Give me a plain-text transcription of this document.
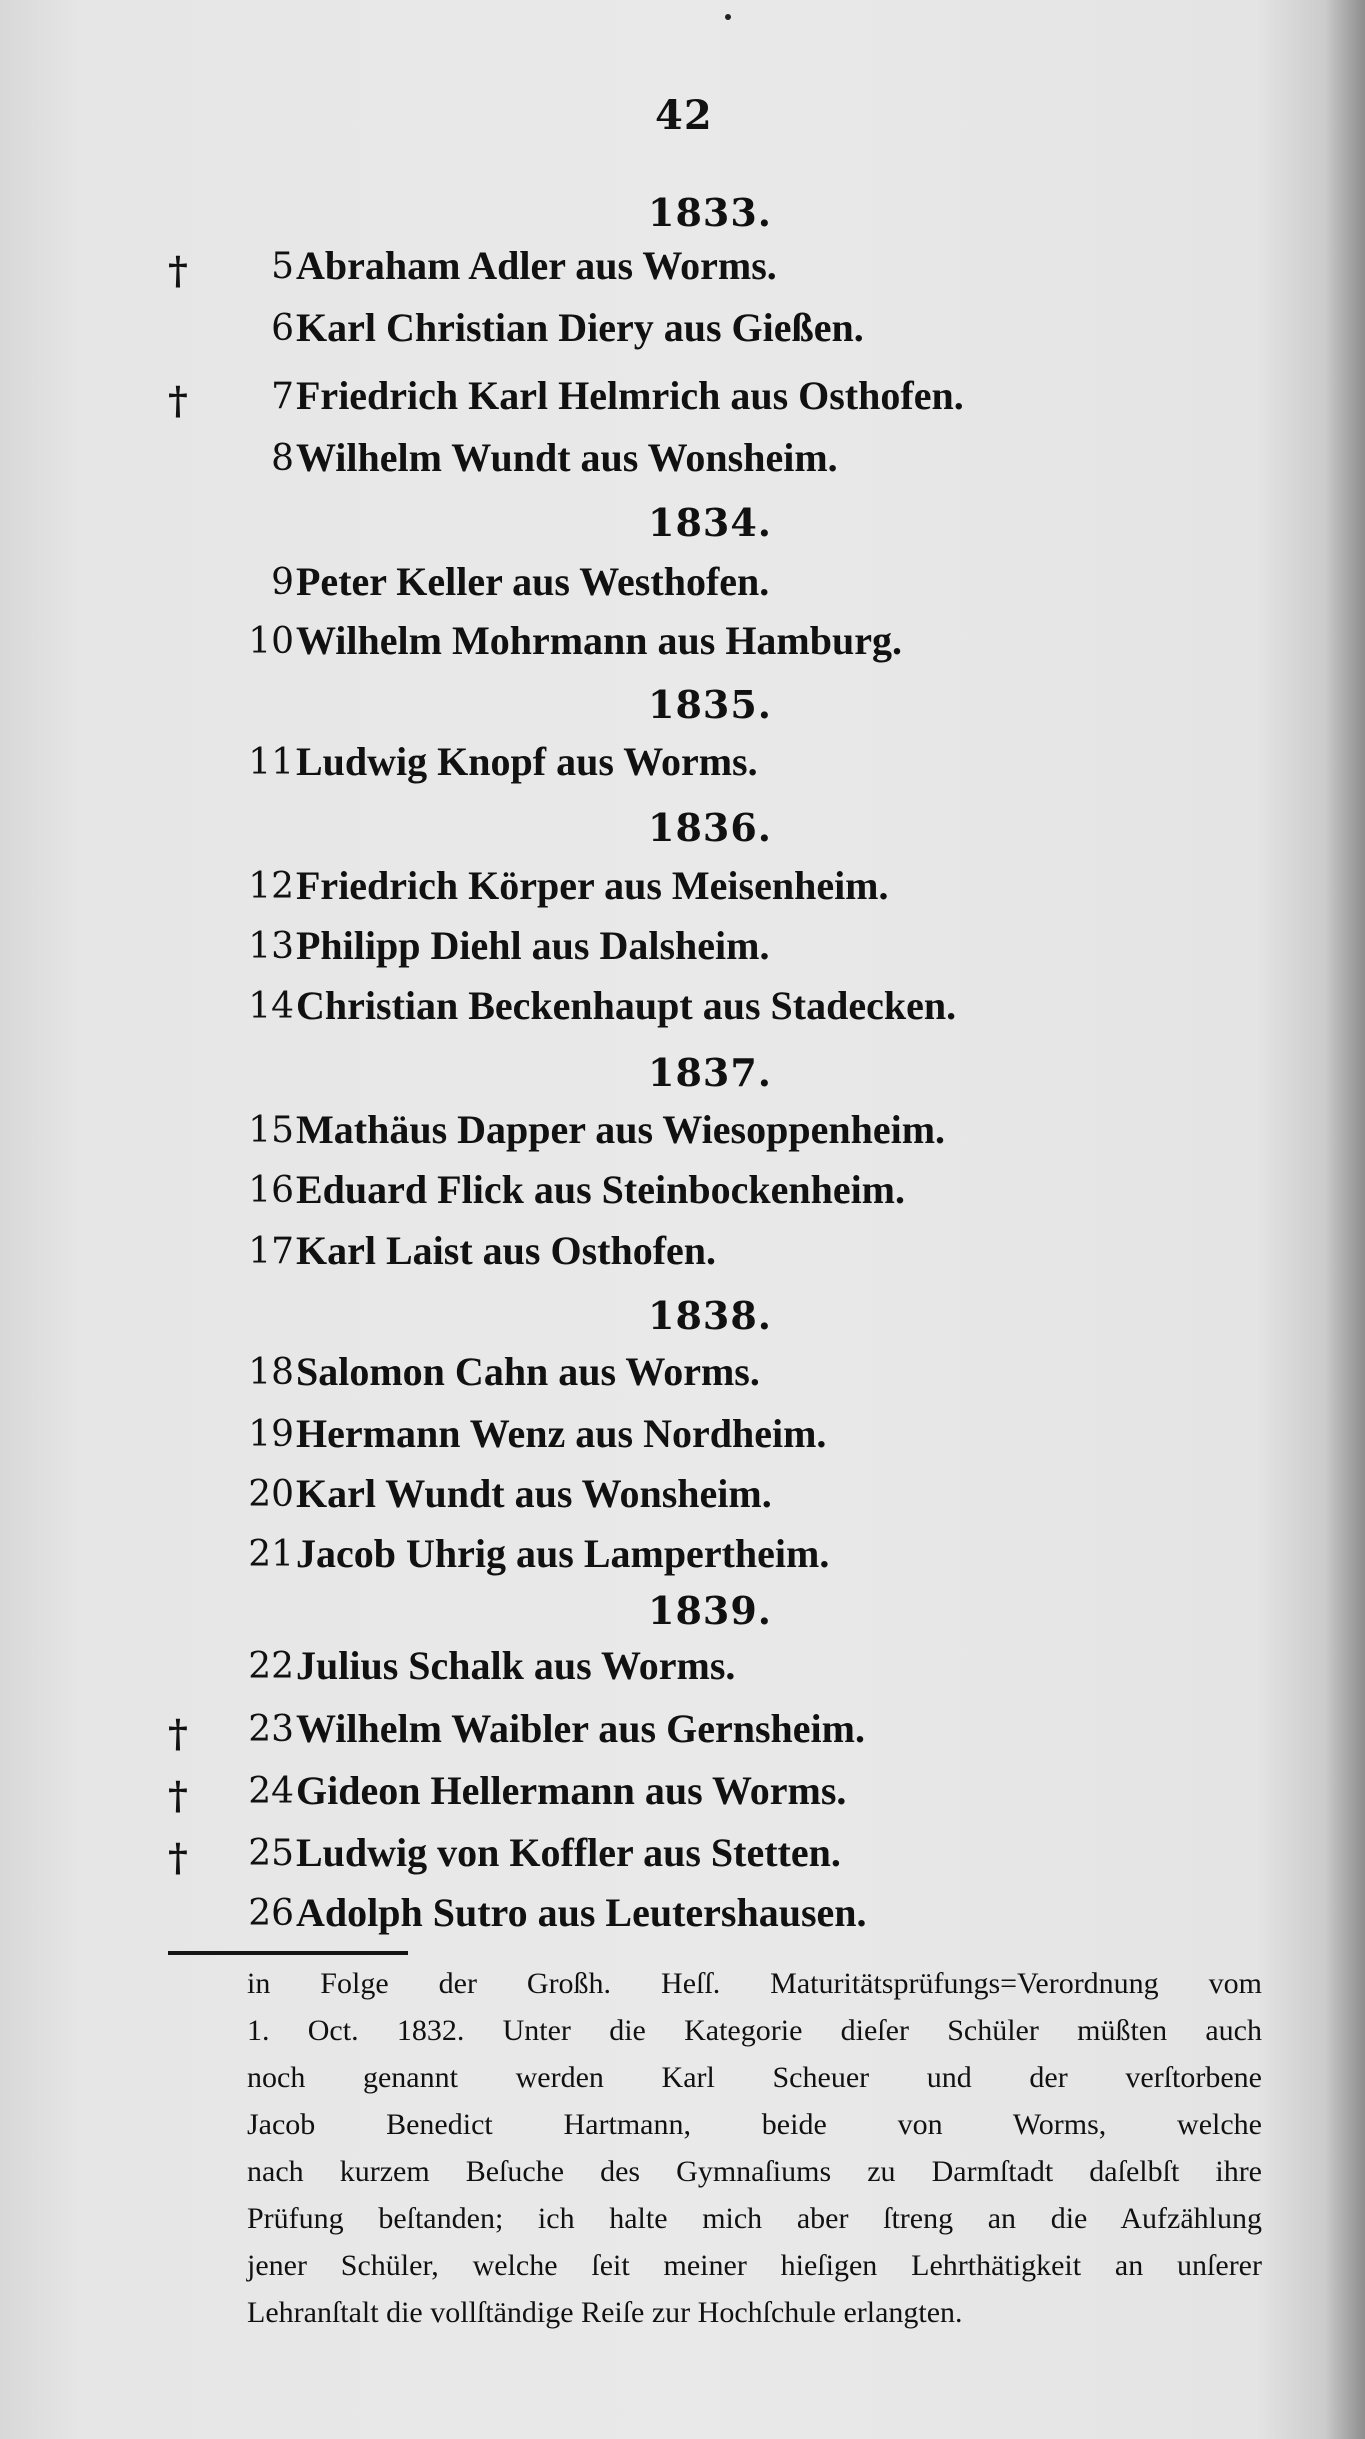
42
1833.
† 5 Abraham Adler aus Worms.
6 Karl Christian Diery aus Gießen.
† 7 Friedrich Karl Helmrich aus Osthofen.
8 Wilhelm Wundt aus Wonsheim.
1834.
9 Peter Keller aus Westhofen.
10 Wilhelm Mohrmann aus Hamburg.
1835.
11 Ludwig Knopf aus Worms.
1836.
12 Friedrich Körper aus Meisenheim.
13 Philipp Diehl aus Dalsheim.
14 Christian Beckenhaupt aus Stadecken.
1837.
15 Mathäus Dapper aus Wiesoppenheim.
16 Eduard Flick aus Steinbockenheim.
17 Karl Laist aus Osthofen.
1838.
18 Salomon Cahn aus Worms.
19 Hermann Wenz aus Nordheim.
20 Karl Wundt aus Wonsheim.
21 Jacob Uhrig aus Lampertheim.
1839.
22 Julius Schalk aus Worms.
† 23 Wilhelm Waibler aus Gernsheim.
† 24 Gideon Hellermann aus Worms.
† 25 Ludwig von Koffler aus Stetten.
26 Adolph Sutro aus Leutershausen.
in Folge der Großh. Heſſ. Maturitätsprüfungs=Verordnung vom
1. Oct. 1832. Unter die Kategorie dieſer Schüler müßten auch
noch genannt werden Karl Scheuer und der verſtorbene
Jacob Benedict Hartmann, beide von Worms, welche
nach kurzem Beſuche des Gymnaſiums zu Darmſtadt daſelbſt ihre
Prüfung beſtanden; ich halte mich aber ſtreng an die Aufzählung
jener Schüler, welche ſeit meiner hieſigen Lehrthätigkeit an unſerer
Lehranſtalt die vollſtändige Reiſe zur Hochſchule erlangten.
